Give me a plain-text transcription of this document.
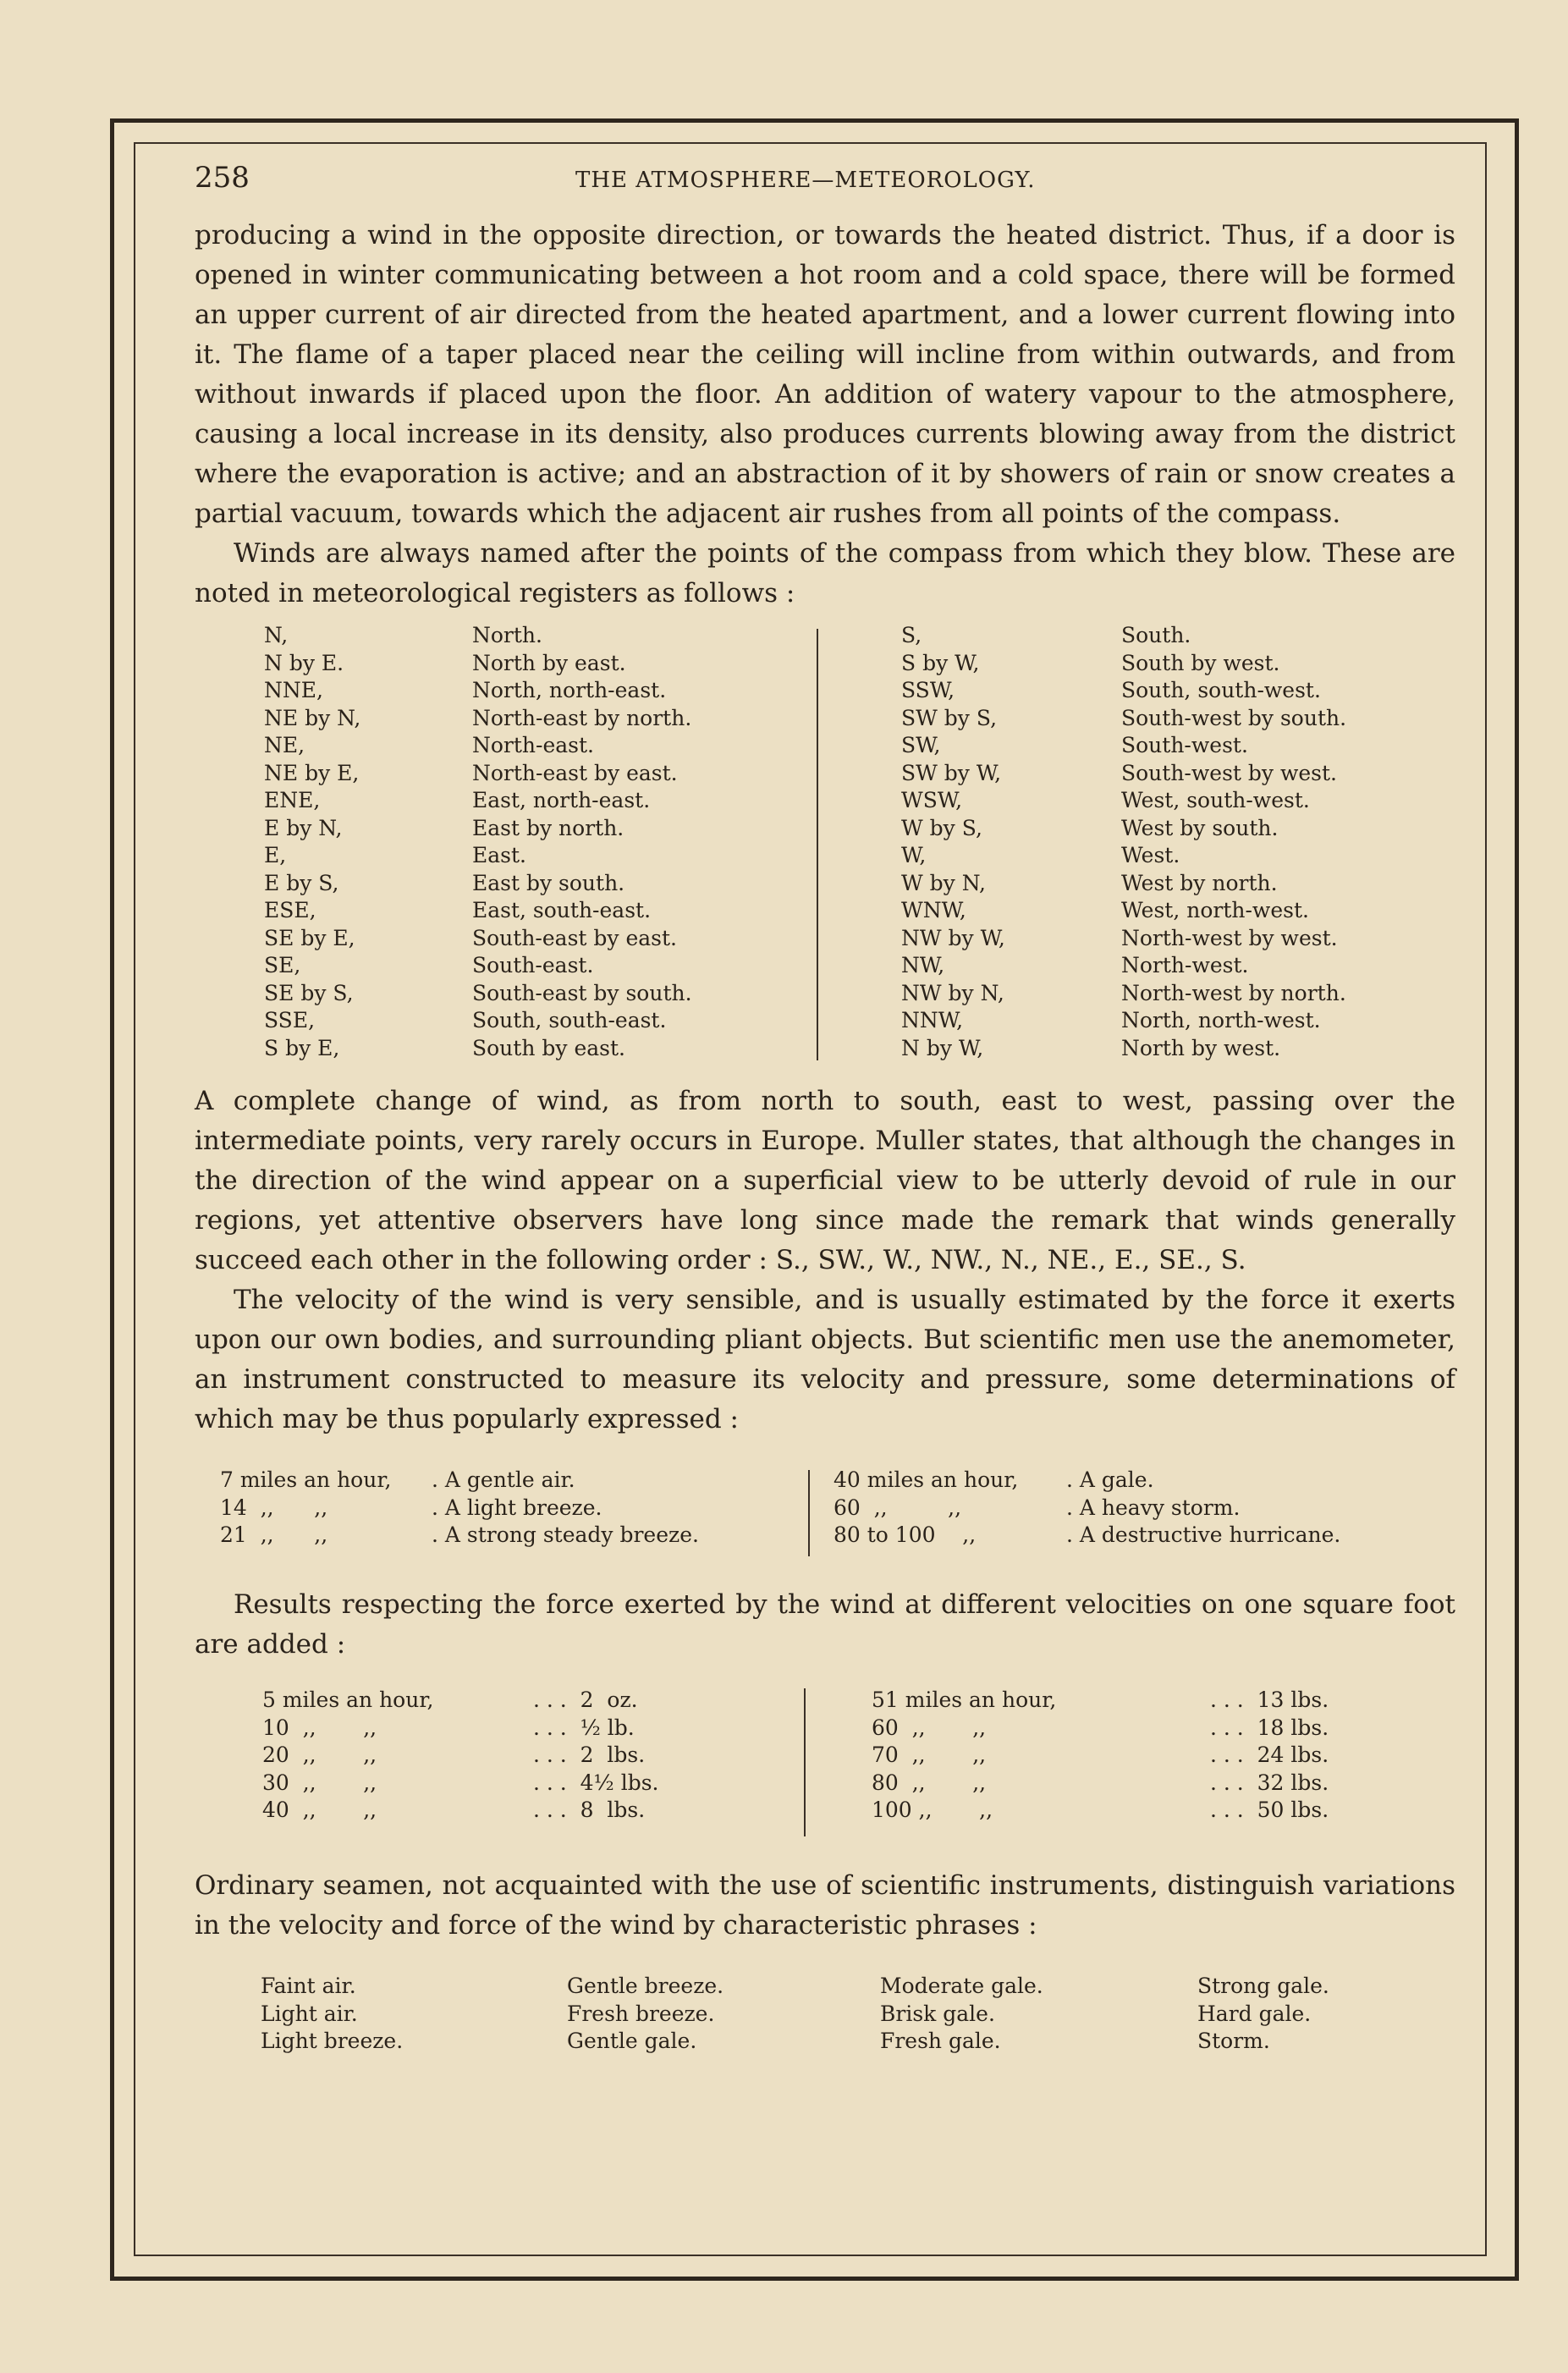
258	THE ATMOSPHERE—METEOROLOGY.

producing a wind in the opposite direction, or towards the heated district. Thus, if a door is opened in winter communicating between a hot room and a cold space, there will be formed an upper current of air directed from the heated apartment, and a lower current flowing into it. The flame of a taper placed near the ceiling will incline from within outwards, and from without inwards if placed upon the floor. An addition of watery vapour to the atmosphere, causing a local increase in its density, also produces currents blowing away from the district where the evaporation is active; and an abstraction of it by showers of rain or snow creates a partial vacuum, towards which the adjacent air rushes from all points of the compass.

Winds are always named after the points of the compass from which they blow. These are noted in meteorological registers as follows :

N,
N by E.
NNE,
NE by N,
NE,
NE by E,
ENE,
E by N,
E,
E by S,
ESE,
SE by E,
SE,
SE by S,
SSE,
S by E,
North.
North by east.
North, north-east.
North-east by north.
North-east.
North-east by east.
East, north-east.
East by north.
East.
East by south.
East, south-east.
South-east by east.
South-east.
South-east by south.
South, south-east.
South by east.
S,
S by W,
SSW,
SW by S,
SW,
SW by W,
WSW,
W by S,
W,
W by N,
WNW,
NW by W,
NW,
NW by N,
NNW,
N by W,
South.
South by west.
South, south-west.
South-west by south.
South-west.
South-west by west.
West, south-west.
West by south.
West.
West by north.
West, north-west.
North-west by west.
North-west.
North-west by north.
North, north-west.
North by west.

A complete change of wind, as from north to south, east to west, passing over the intermediate points, very rarely occurs in Europe. Muller states, that although the changes in the direction of the wind appear on a superficial view to be utterly devoid of rule in our regions, yet attentive observers have long since made the remark that winds generally succeed each other in the following order : S., SW., W., NW., N., NE., E., SE., S.

The velocity of the wind is very sensible, and is usually estimated by the force it exerts upon our own bodies, and surrounding pliant objects. But scientific men use the anemometer, an instrument constructed to measure its velocity and pressure, some determinations of which may be thus popularly expressed :

7 miles an hour,
14  ,,      ,,
21  ,,      ,,
. A gentle air.
. A light breeze.
. A strong steady breeze.
40 miles an hour,
60  ,,         ,,
80 to 100    ,,
. A gale.
. A heavy storm.
. A destructive hurricane.

Results respecting the force exerted by the wind at different velocities on one square foot are added :

5 miles an hour,
10  ,,       ,,
20  ,,       ,,
30  ,,       ,,
40  ,,       ,,
. . .  2  oz.
. . .  ½ lb.
. . .  2  lbs.
. . .  4½ lbs.
. . .  8  lbs.
51 miles an hour,
60  ,,       ,,
70  ,,       ,,
80  ,,       ,,
100 ,,       ,,
. . .  13 lbs.
. . .  18 lbs.
. . .  24 lbs.
. . .  32 lbs.
. . .  50 lbs.

Ordinary seamen, not acquainted with the use of scientific instruments, distinguish variations in the velocity and force of the wind by characteristic phrases :

Faint air.
Light air.
Light breeze.
Gentle breeze.
Fresh breeze.
Gentle gale.
Moderate gale.
Brisk gale.
Fresh gale.
Strong gale.
Hard gale.
Storm.
